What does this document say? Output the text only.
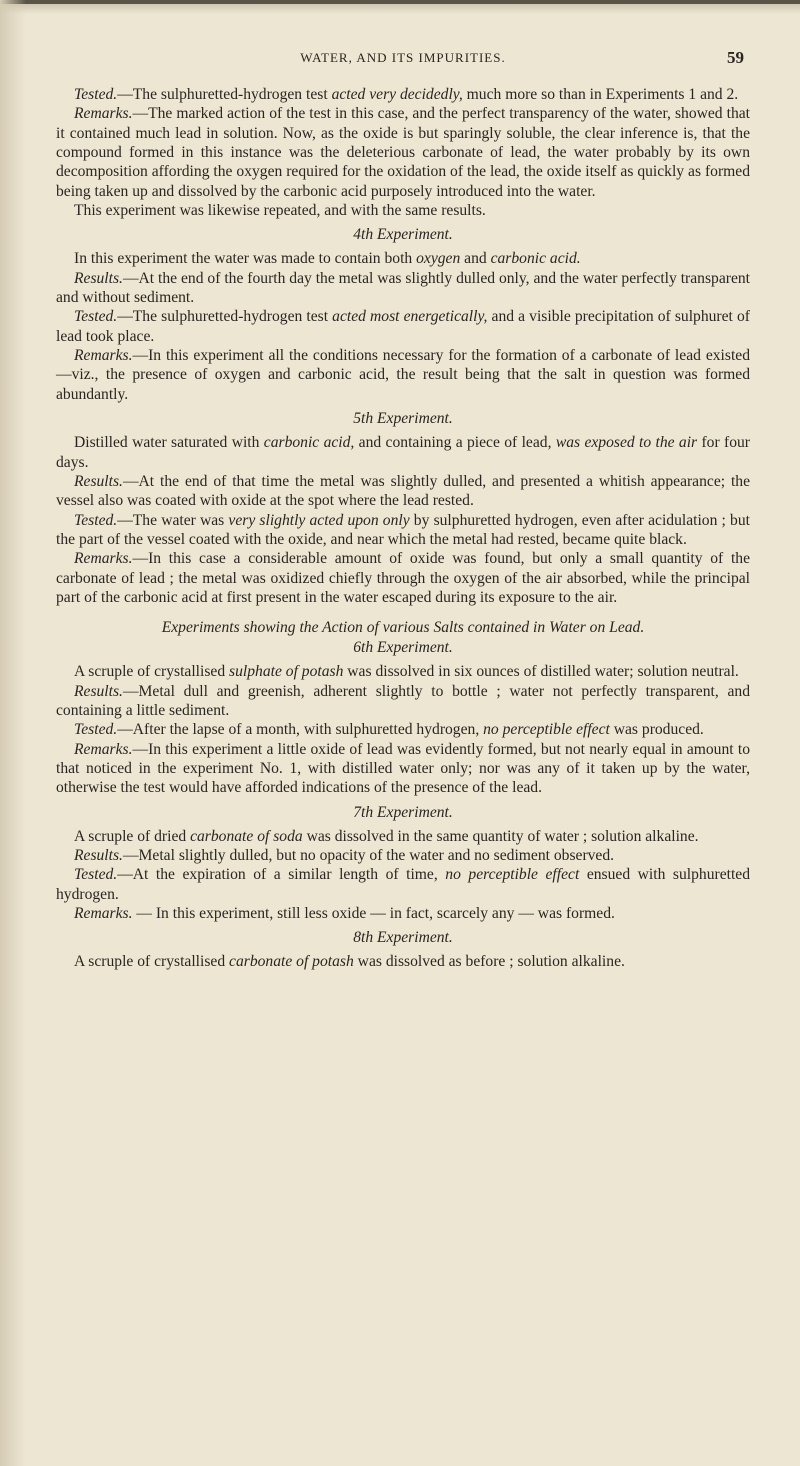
WATER, AND ITS IMPURITIES.	59

Tested.—The sulphuretted-hydrogen test acted very decidedly, much more so than in Experiments 1 and 2.

Remarks.—The marked action of the test in this case, and the perfect transparency of the water, showed that it contained much lead in solution. Now, as the oxide is but sparingly soluble, the clear inference is, that the compound formed in this instance was the deleterious carbonate of lead, the water probably by its own decomposition affording the oxygen required for the oxidation of the lead, the oxide itself as quickly as formed being taken up and dissolved by the carbonic acid purposely introduced into the water.

This experiment was likewise repeated, and with the same results.

4th Experiment.

In this experiment the water was made to contain both oxygen and carbonic acid.

Results.—At the end of the fourth day the metal was slightly dulled only, and the water perfectly transparent and without sediment.

Tested.—The sulphuretted-hydrogen test acted most energetically, and a visible precipitation of sulphuret of lead took place.

Remarks.—In this experiment all the conditions necessary for the formation of a carbonate of lead existed—viz., the presence of oxygen and carbonic acid, the result being that the salt in question was formed abundantly.

5th Experiment.

Distilled water saturated with carbonic acid, and containing a piece of lead, was exposed to the air for four days.

Results.—At the end of that time the metal was slightly dulled, and presented a whitish appearance; the vessel also was coated with oxide at the spot where the lead rested.

Tested.—The water was very slightly acted upon only by sulphuretted hydrogen, even after acidulation ; but the part of the vessel coated with the oxide, and near which the metal had rested, became quite black.

Remarks.—In this case a considerable amount of oxide was found, but only a small quantity of the carbonate of lead ; the metal was oxidized chiefly through the oxygen of the air absorbed, while the principal part of the carbonic acid at first present in the water escaped during its exposure to the air.

Experiments showing the Action of various Salts contained in Water on Lead.
6th Experiment.

A scruple of crystallised sulphate of potash was dissolved in six ounces of distilled water; solution neutral.

Results.—Metal dull and greenish, adherent slightly to bottle ; water not perfectly transparent, and containing a little sediment.

Tested.—After the lapse of a month, with sulphuretted hydrogen, no perceptible effect was produced.

Remarks.—In this experiment a little oxide of lead was evidently formed, but not nearly equal in amount to that noticed in the experiment No. 1, with distilled water only; nor was any of it taken up by the water, otherwise the test would have afforded indications of the presence of the lead.

7th Experiment.

A scruple of dried carbonate of soda was dissolved in the same quantity of water ; solution alkaline.

Results.—Metal slightly dulled, but no opacity of the water and no sediment observed.

Tested.—At the expiration of a similar length of time, no perceptible effect ensued with sulphuretted hydrogen.

Remarks. — In this experiment, still less oxide — in fact, scarcely any — was formed.

8th Experiment.

A scruple of crystallised carbonate of potash was dissolved as before ; solution alkaline.
